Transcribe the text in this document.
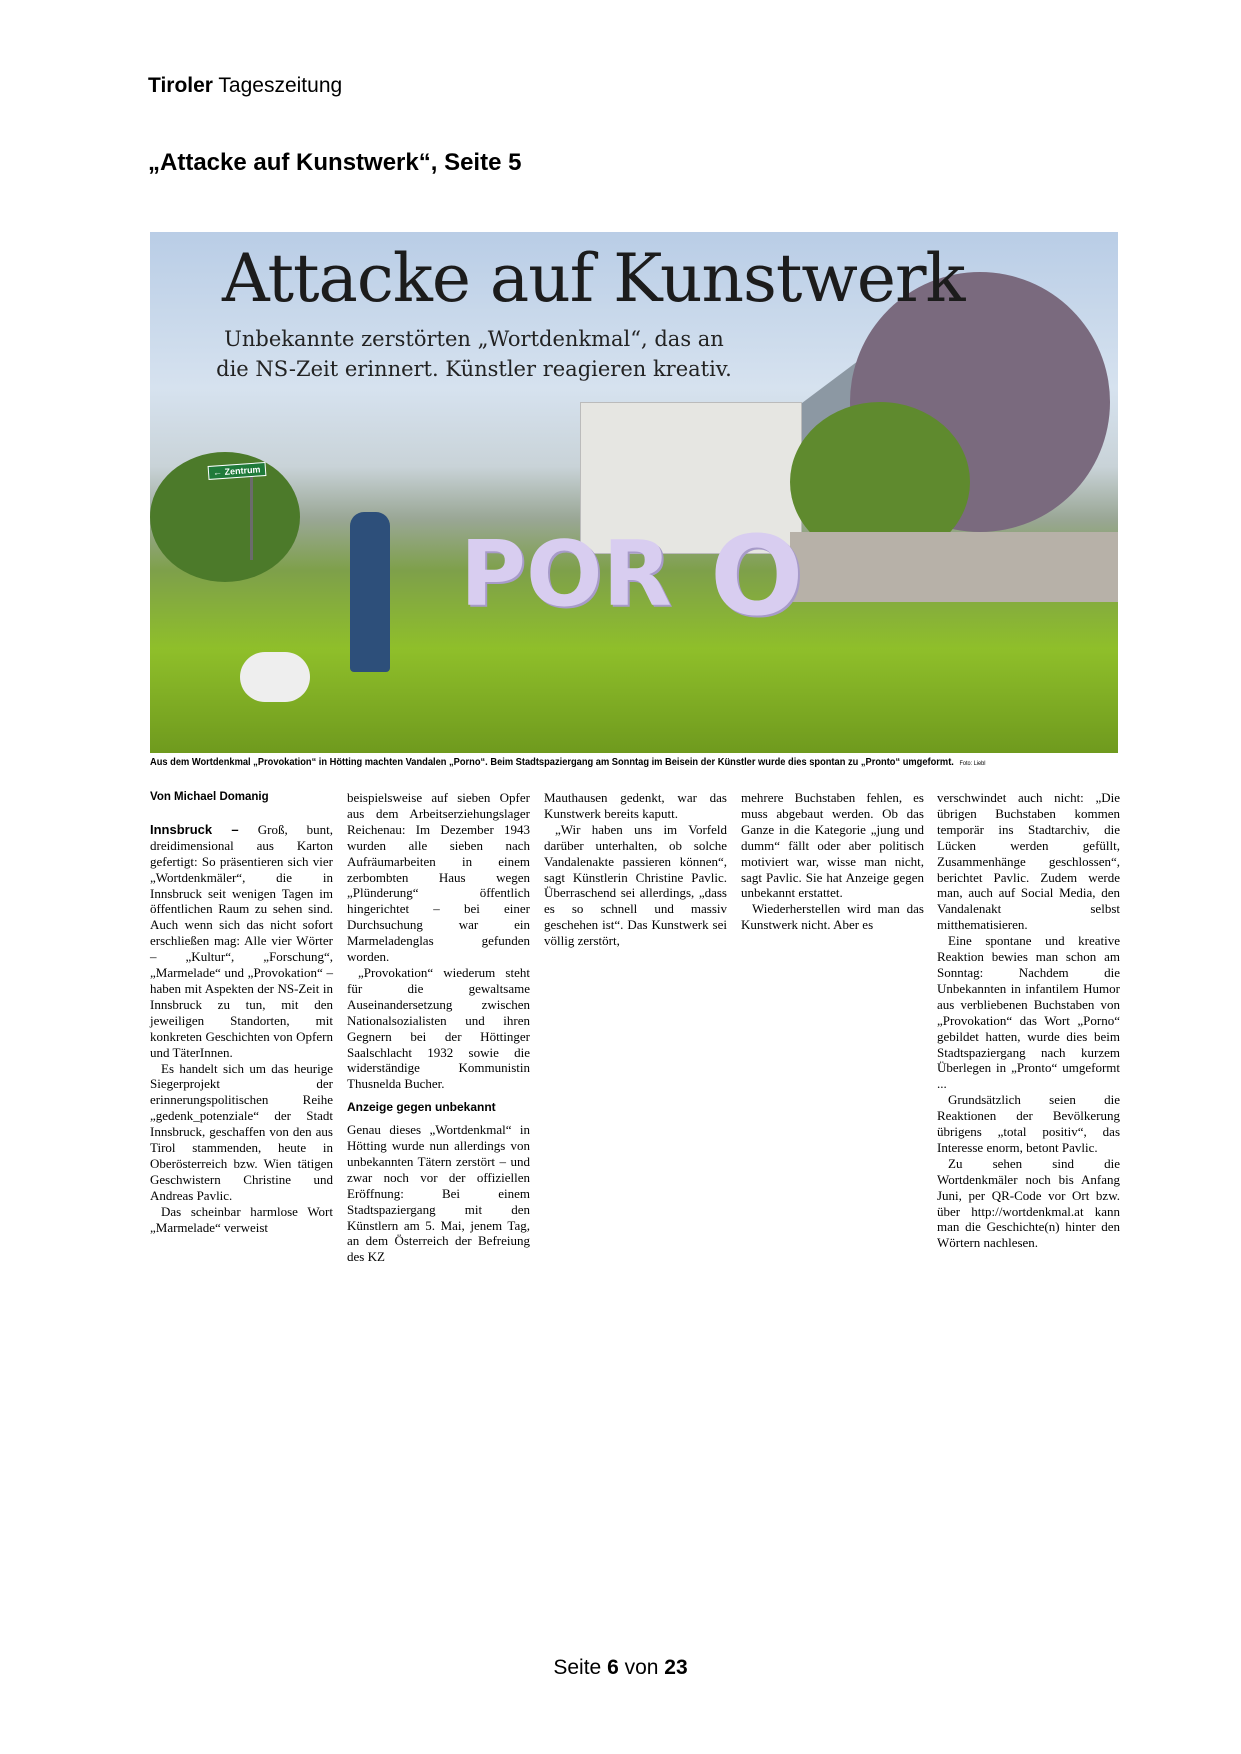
Tiroler Tageszeitung
„Attacke auf Kunstwerk“, Seite 5
← Zentrum
POR O
Attacke auf Kunstwerk
Unbekannte zerstörten „Wortdenkmal“, das an die NS-Zeit erinnert. Künstler reagieren kreativ.
Aus dem Wortdenkmal „Provokation“ in Hötting machten Vandalen „Porno“. Beim Stadtspaziergang am Sonntag im Beisein der Künstler wurde dies spontan zu „Pronto“ umgeformt. Foto: Liebl

Von Michael Domanig

Innsbruck – Groß, bunt, dreidimensional aus Karton gefertigt: So präsentieren sich vier „Wortdenkmäler“, die in Innsbruck seit wenigen Tagen im öffentlichen Raum zu sehen sind. Auch wenn sich das nicht sofort erschließen mag: Alle vier Wörter – „Kultur“, „Forschung“, „Marmelade“ und „Provokation“ – haben mit Aspekten der NS-Zeit in Innsbruck zu tun, mit den jeweiligen Standorten, mit konkreten Geschichten von Opfern und TäterInnen.

Es handelt sich um das heurige Siegerprojekt der erinnerungspolitischen Reihe „gedenk_potenziale“ der Stadt Innsbruck, geschaffen von den aus Tirol stammenden, heute in Oberösterreich bzw. Wien tätigen Geschwistern Christine und Andreas Pavlic.

Das scheinbar harmlose Wort „Marmelade“ verweist

beispielsweise auf sieben Opfer aus dem Arbeitserziehungslager Reichenau: Im Dezember 1943 wurden alle sieben nach Aufräumarbeiten in einem zerbombten Haus wegen „Plünderung“ öffentlich hingerichtet – bei einer Durchsuchung war ein Marmeladenglas gefunden worden.

„Provokation“ wiederum steht für die gewaltsame Auseinandersetzung zwischen Nationalsozialisten und ihren Gegnern bei der Höttinger Saalschlacht 1932 sowie die widerständige Kommunistin Thusnelda Bucher.

Anzeige gegen unbekannt

Genau dieses „Wortdenkmal“ in Hötting wurde nun allerdings von unbekannten Tätern zerstört – und zwar noch vor der offiziellen Eröffnung: Bei einem Stadtspaziergang mit den Künstlern am 5. Mai, jenem Tag, an dem Österreich der Befreiung des KZ

Mauthausen gedenkt, war das Kunstwerk bereits kaputt.

„Wir haben uns im Vorfeld darüber unterhalten, ob solche Vandalenakte passieren können“, sagt Künstlerin Christine Pavlic. Überraschend sei allerdings, „dass es so schnell und massiv geschehen ist“. Das Kunstwerk sei völlig zerstört,

mehrere Buchstaben fehlen, es muss abgebaut werden. Ob das Ganze in die Kategorie „jung und dumm“ fällt oder aber politisch motiviert war, wisse man nicht, sagt Pavlic. Sie hat Anzeige gegen unbekannt erstattet.

Wiederherstellen wird man das Kunstwerk nicht. Aber es

verschwindet auch nicht: „Die übrigen Buchstaben kommen temporär ins Stadtarchiv, die Lücken werden gefüllt, Zusammenhänge geschlossen“, berichtet Pavlic. Zudem werde man, auch auf Social Media, den Vandalenakt selbst mitthematisieren.

Eine spontane und kreative Reaktion bewies man schon am Sonntag: Nachdem die Unbekannten in infantilem Humor aus verbliebenen Buchstaben von „Provokation“ das Wort „Porno“ gebildet hatten, wurde dies beim Stadtspaziergang nach kurzem Überlegen in „Pronto“ umgeformt ...

Grundsätzlich seien die Reaktionen der Bevölkerung übrigens „total positiv“, das Interesse enorm, betont Pavlic.

Zu sehen sind die Wortdenkmäler noch bis Anfang Juni, per QR-Code vor Ort bzw. über http://wortdenkmal.at kann man die Geschichte(n) hinter den Wörtern nachlesen.

Seite 6 von 23
